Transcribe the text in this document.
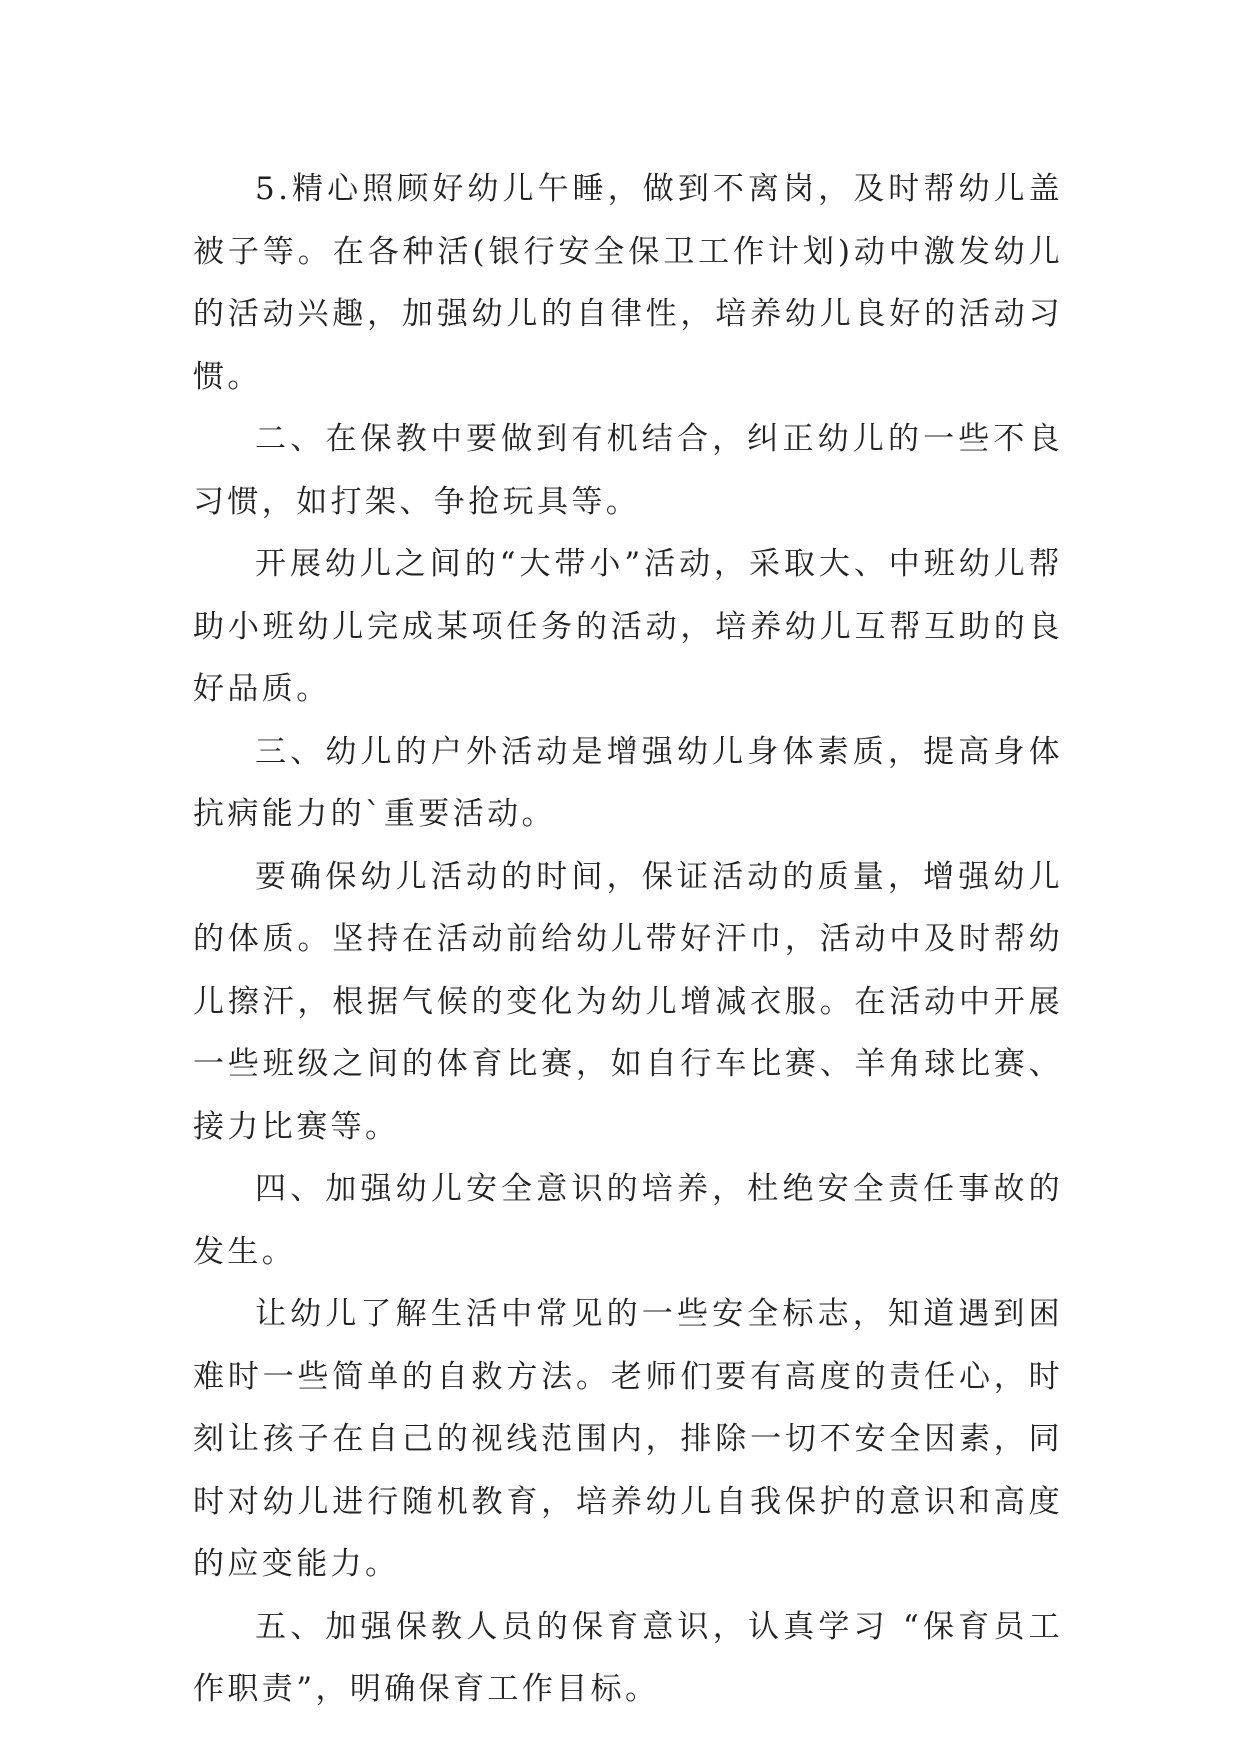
5.精心照顾好幼儿午睡，做到不离岗，及时帮幼儿盖被子等。在各种活(银行安全保卫工作计划)动中激发幼儿的活动兴趣，加强幼儿的自律性，培养幼儿良好的活动习惯。

二、在保教中要做到有机结合，纠正幼儿的一些不良习惯，如打架、争抢玩具等。

开展幼儿之间的“大带小”活动，采取大、中班幼儿帮助小班幼儿完成某项任务的活动，培养幼儿互帮互助的良好品质。

三、幼儿的户外活动是增强幼儿身体素质，提高身体抗病能力的`重要活动。

要确保幼儿活动的时间，保证活动的质量，增强幼儿的体质。坚持在活动前给幼儿带好汗巾，活动中及时帮幼儿擦汗，根据气候的变化为幼儿增减衣服。在活动中开展一些班级之间的体育比赛，如自行车比赛、羊角球比赛、接力比赛等。

四、加强幼儿安全意识的培养，杜绝安全责任事故的发生。

让幼儿了解生活中常见的一些安全标志，知道遇到困难时一些简单的自救方法。老师们要有高度的责任心，时刻让孩子在自己的视线范围内，排除一切不安全因素，同时对幼儿进行随机教育，培养幼儿自我保护的意识和高度的应变能力。

五、加强保教人员的保育意识，认真学习 “保育员工作职责”，明确保育工作目标。
